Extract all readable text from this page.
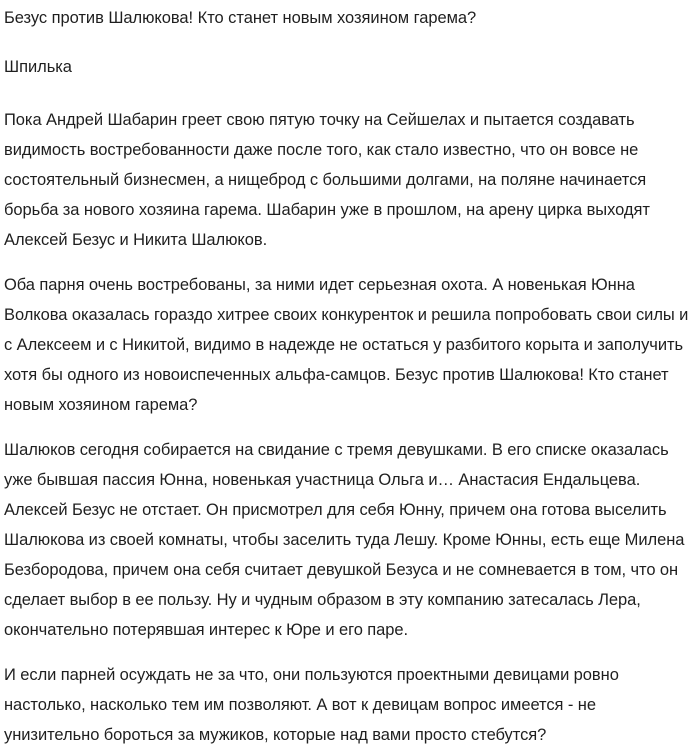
Безус против Шалюкова! Кто станет новым хозяином гарема?
Шпилька

Пока Андрей Шабарин греет свою пятую точку на Сейшелах и пытается создавать видимость востребованности даже после того, как стало известно, что он вовсе не состоятельный бизнесмен, а нищеброд с большими долгами, на поляне начинается борьба за нового хозяина гарема. Шабарин уже в прошлом, на арену цирка выходят Алексей Безус и Никита Шалюков.

Оба парня очень востребованы, за ними идет серьезная охота. А новенькая Юнна Волкова оказалась гораздо хитрее своих конкуренток и решила попробовать свои силы и с Алексеем и с Никитой, видимо в надежде не остаться у разбитого корыта и заполучить хотя бы одного из новоиспеченных альфа-самцов. Безус против Шалюкова! Кто станет новым хозяином гарема?

Шалюков сегодня собирается на свидание с тремя девушками. В его списке оказалась уже бывшая пассия Юнна, новенькая участница Ольга и… Анастасия Ендальцева. Алексей Безус не отстает. Он присмотрел для себя Юнну, причем она готова выселить Шалюкова из своей комнаты, чтобы заселить туда Лешу. Кроме Юнны, есть еще Милена Безбородова, причем она себя считает девушкой Безуса и не сомневается в том, что он сделает выбор в ее пользу. Ну и чудным образом в эту компанию затесалась Лера, окончательно потерявшая интерес к Юре и его паре.

И если парней осуждать не за что, они пользуются проектными девицами ровно настолько, насколько тем им позволяют. А вот к девицам вопрос имеется - не унизительно бороться за мужиков, которые над вами просто стебутся?
